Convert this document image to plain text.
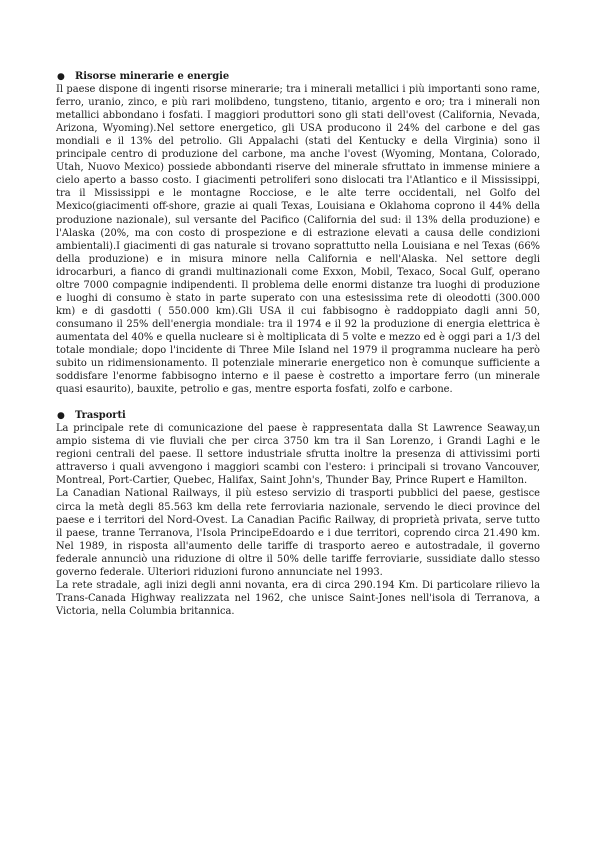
●	Risorse minerarie e energie

Il paese dispone di ingenti risorse minerarie; tra i minerali metallici i più importanti sono rame, ferro, uranio, zinco, e più rari molibdeno, tungsteno, titanio, argento e oro; tra i minerali non metallici abbondano i fosfati. I maggiori produttori sono gli stati dell'ovest (California, Nevada, Arizona, Wyoming).Nel settore energetico, gli USA producono il 24% del carbone e del gas mondiali e il 13% del petrolio. Gli Appalachi (stati del Kentucky e della Virginia) sono il principale centro di produzione del carbone, ma anche l'ovest (Wyoming, Montana, Colorado, Utah, Nuovo Mexico) possiede abbondanti riserve del minerale sfruttato in immense miniere a cielo aperto a basso costo. I giacimenti petroliferi sono dislocati tra l'Atlantico e il Mississippi, tra il Mississippi e le montagne Rocciose, e le alte terre occidentali, nel Golfo del Mexico(giacimenti off-shore, grazie ai quali Texas, Louisiana e Oklahoma coprono il 44% della produzione nazionale), sul versante del Pacifico (California del sud: il 13% della produzione) e l'Alaska (20%, ma con costo di prospezione e di estrazione elevati a causa delle condizioni ambientali).I giacimenti di gas naturale si trovano soprattutto nella Louisiana e nel Texas (66% della produzione) e in misura minore nella California e nell'Alaska. Nel settore degli idrocarburi, a fianco di grandi multinazionali come Exxon, Mobil, Texaco, Socal Gulf, operano oltre 7000 compagnie indipendenti. Il problema delle enormi distanze tra luoghi di produzione e luoghi di consumo è stato in parte superato con una estesissima rete di oleodotti (300.000 km) e di gasdotti ( 550.000 km).Gli USA il cui fabbisogno è raddoppiato dagli anni 50, consumano il 25% dell'energia mondiale: tra il 1974 e il 92 la produzione di energia elettrica è aumentata del 40% e quella nucleare si è moltiplicata di 5 volte e mezzo ed è oggi pari a 1/3 del totale mondiale; dopo l'incidente di Three Mile Island nel 1979 il programma nucleare ha però subito un ridimensionamento. Il potenziale minerarie energetico non è comunque sufficiente a soddisfare l'enorme fabbisogno interno e il paese è costretto a importare ferro (un minerale quasi esaurito), bauxite, petrolio e gas, mentre esporta fosfati, zolfo e carbone.

●	Trasporti

La principale rete di comunicazione del paese è rappresentata dalla St Lawrence Seaway,un ampio sistema di vie fluviali che per circa 3750 km tra il San Lorenzo, i Grandi Laghi e le regioni centrali del paese. Il settore industriale sfrutta inoltre la presenza di attivissimi porti attraverso i quali avvengono i maggiori scambi con l'estero: i principali si trovano Vancouver, Montreal, Port-Cartier, Quebec, Halifax, Saint John's, Thunder Bay, Prince Rupert e Hamilton.

La Canadian National Railways, il più esteso servizio di trasporti pubblici del paese, gestisce circa la metà degli 85.563 km della rete ferroviaria nazionale, servendo le dieci province del paese e i territori del Nord-Ovest. La Canadian Pacific Railway, di proprietà privata, serve tutto il paese, tranne Terranova, l'Isola PrincipeEdoardo e i due territori, coprendo circa 21.490 km. Nel 1989, in risposta all'aumento delle tariffe di trasporto aereo e autostradale, il governo federale annunciò una riduzione di oltre il 50% delle tariffe ferroviarie, sussidiate dallo stesso governo federale. Ulteriori riduzioni furono annunciate nel 1993.

La rete stradale, agli inizi degli anni novanta, era di circa 290.194 Km. Di particolare rilievo la Trans-Canada Highway realizzata nel 1962, che unisce Saint-Jones nell'isola di Terranova, a Victoria, nella Columbia britannica.
